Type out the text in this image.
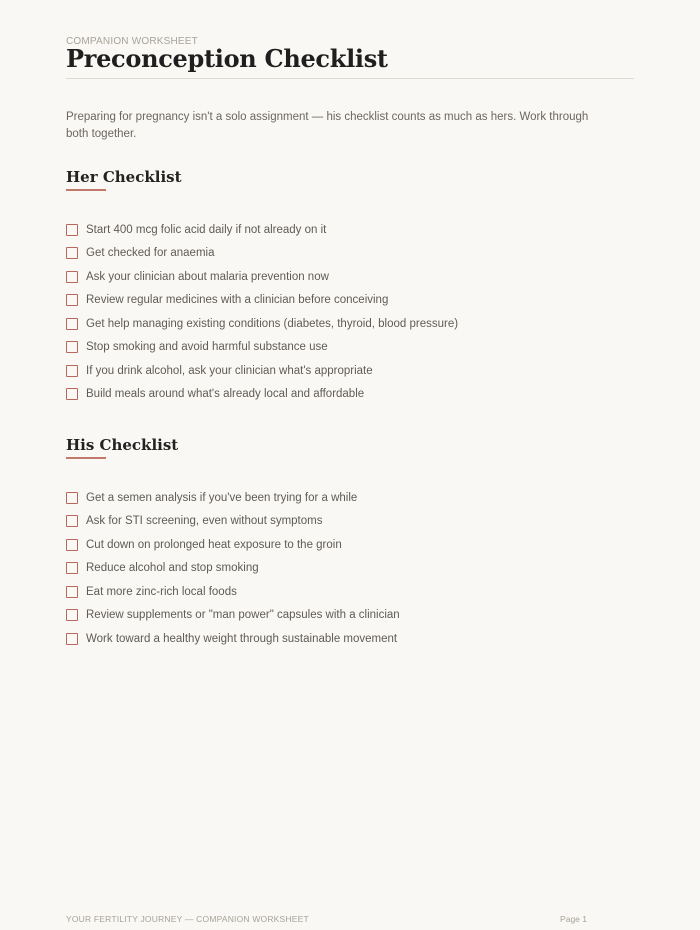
COMPANION WORKSHEET
Preconception Checklist

Preparing for pregnancy isn't a solo assignment — his checklist counts as much as hers. Work through both together.

Her Checklist
Start 400 mcg folic acid daily if not already on it
Get checked for anaemia
Ask your clinician about malaria prevention now
Review regular medicines with a clinician before conceiving
Get help managing existing conditions (diabetes, thyroid, blood pressure)
Stop smoking and avoid harmful substance use
If you drink alcohol, ask your clinician what's appropriate
Build meals around what's already local and affordable
His Checklist
Get a semen analysis if you've been trying for a while
Ask for STI screening, even without symptoms
Cut down on prolonged heat exposure to the groin
Reduce alcohol and stop smoking
Eat more zinc-rich local foods
Review supplements or "man power" capsules with a clinician
Work toward a healthy weight through sustainable movement
YOUR FERTILITY JOURNEY — COMPANION WORKSHEET	Page 1
